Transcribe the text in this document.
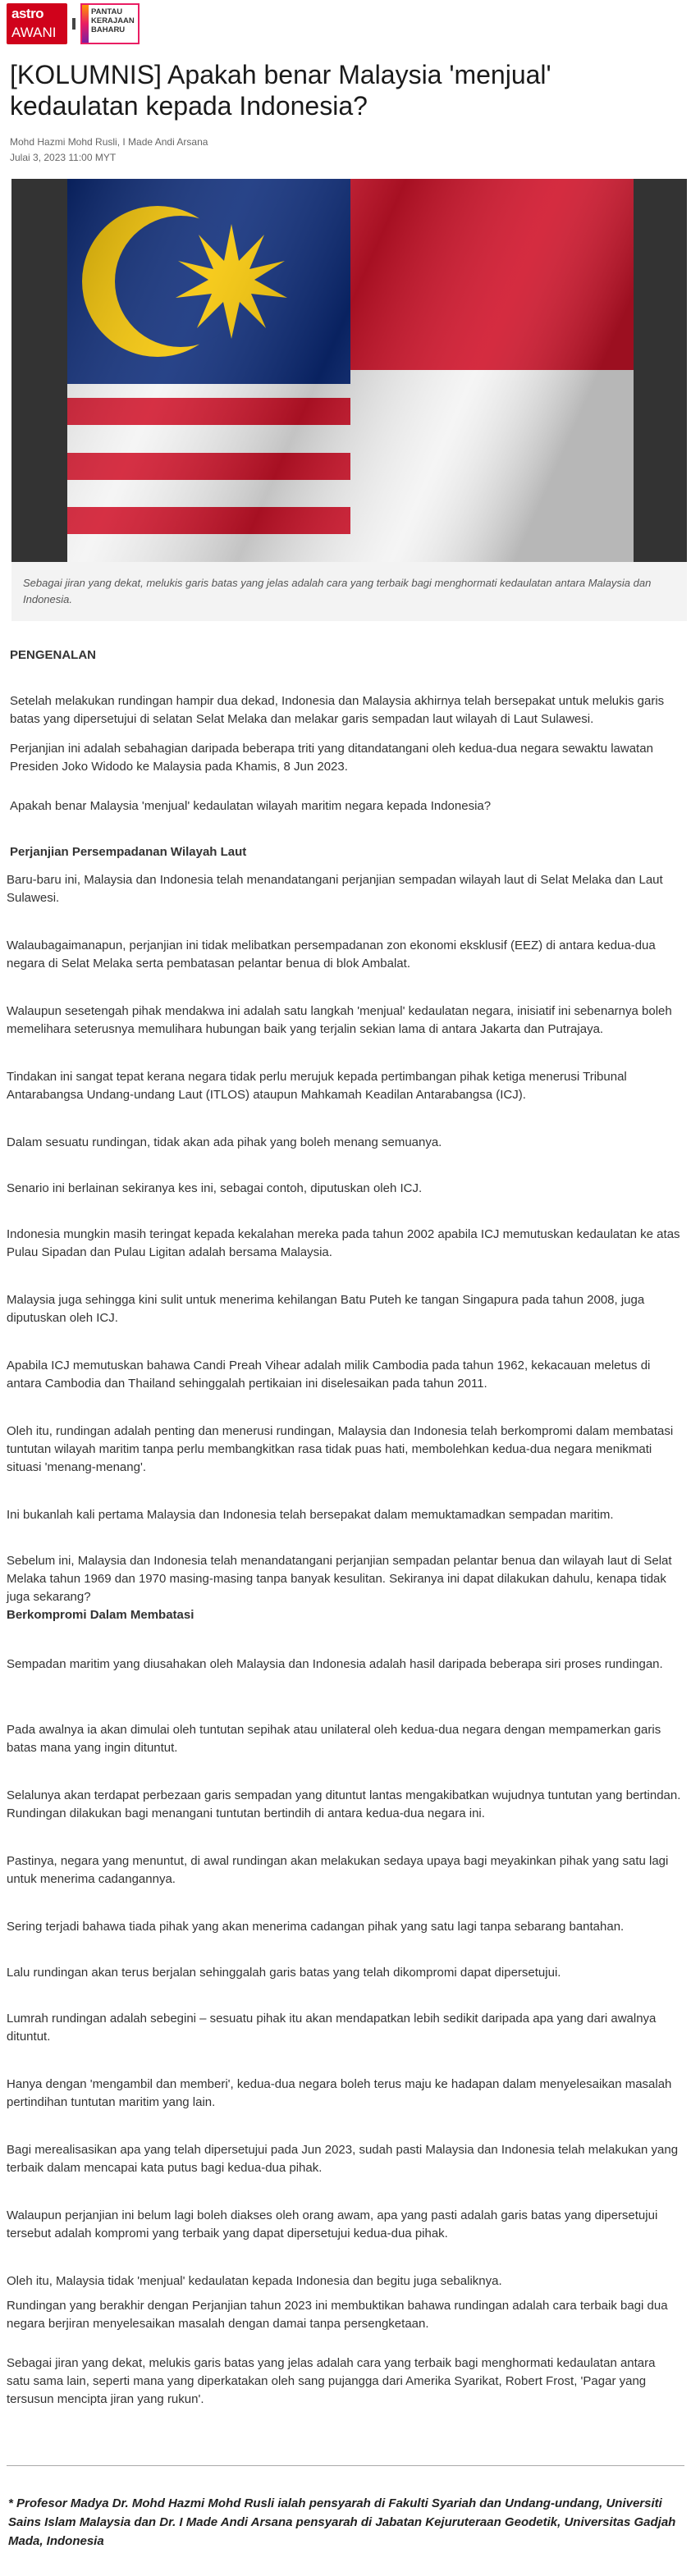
astro
AWANI
PANTAU
KERAJAAN
BAHARU
[KOLUMNIS] Apakah benar Malaysia 'menjual' kedaulatan kepada Indonesia?
Mohd Hazmi Mohd Rusli, I Made Andi Arsana
Julai 3, 2023 11:00 MYT
Sebagai jiran yang dekat, melukis garis batas yang jelas adalah cara yang terbaik bagi menghormati kedaulatan antara Malaysia dan Indonesia.
PENGENALAN

Setelah melakukan rundingan hampir dua dekad, Indonesia dan Malaysia akhirnya telah bersepakat untuk melukis garis batas yang dipersetujui di selatan Selat Melaka dan melakar garis sempadan laut wilayah di Laut Sulawesi.

Perjanjian ini adalah sebahagian daripada beberapa triti yang ditandatangani oleh kedua-dua negara sewaktu lawatan Presiden Joko Widodo ke Malaysia pada Khamis, 8 Jun 2023.

Apakah benar Malaysia 'menjual' kedaulatan wilayah maritim negara kepada Indonesia?

Perjanjian Persempadanan Wilayah Laut

Baru-baru ini, Malaysia dan Indonesia telah menandatangani perjanjian sempadan wilayah laut di Selat Melaka dan Laut Sulawesi.

Walaubagaimanapun, perjanjian ini tidak melibatkan persempadanan zon ekonomi eksklusif (EEZ) di antara kedua-dua negara di Selat Melaka serta pembatasan pelantar benua di blok Ambalat.

Walaupun sesetengah pihak mendakwa ini adalah satu langkah 'menjual' kedaulatan negara, inisiatif ini sebenarnya boleh memelihara seterusnya memulihara hubungan baik yang terjalin sekian lama di antara Jakarta dan Putrajaya.

Tindakan ini sangat tepat kerana negara tidak perlu merujuk kepada pertimbangan pihak ketiga menerusi Tribunal Antarabangsa Undang-undang Laut (ITLOS) ataupun Mahkamah Keadilan Antarabangsa (ICJ).

Dalam sesuatu rundingan, tidak akan ada pihak yang boleh menang semuanya.

Senario ini berlainan sekiranya kes ini, sebagai contoh, diputuskan oleh ICJ.

Indonesia mungkin masih teringat kepada kekalahan mereka pada tahun 2002 apabila ICJ memutuskan kedaulatan ke atas Pulau Sipadan dan Pulau Ligitan adalah bersama Malaysia.

Malaysia juga sehingga kini sulit untuk menerima kehilangan Batu Puteh ke tangan Singapura pada tahun 2008, juga diputuskan oleh ICJ.

Apabila ICJ memutuskan bahawa Candi Preah Vihear adalah milik Cambodia pada tahun 1962, kekacauan meletus di antara Cambodia dan Thailand sehinggalah pertikaian ini diselesaikan pada tahun 2011.

Oleh itu, rundingan adalah penting dan menerusi rundingan, Malaysia dan Indonesia telah berkompromi dalam membatasi tuntutan wilayah maritim tanpa perlu membangkitkan rasa tidak puas hati, membolehkan kedua-dua negara menikmati situasi 'menang-menang'.

Ini bukanlah kali pertama Malaysia dan Indonesia telah bersepakat dalam memuktamadkan sempadan maritim.

Sebelum ini, Malaysia dan Indonesia telah menandatangani perjanjian sempadan pelantar benua dan wilayah laut di Selat Melaka tahun 1969 dan 1970 masing-masing tanpa banyak kesulitan. Sekiranya ini dapat dilakukan dahulu, kenapa tidak juga sekarang?

Berkompromi Dalam Membatasi

Sempadan maritim yang diusahakan oleh Malaysia dan Indonesia adalah hasil daripada beberapa siri proses rundingan.

Pada awalnya ia akan dimulai oleh tuntutan sepihak atau unilateral oleh kedua-dua negara dengan mempamerkan garis batas mana yang ingin dituntut.

Selalunya akan terdapat perbezaan garis sempadan yang dituntut lantas mengakibatkan wujudnya tuntutan yang bertindan. Rundingan dilakukan bagi menangani tuntutan bertindih di antara kedua-dua negara ini.

Pastinya, negara yang menuntut, di awal rundingan akan melakukan sedaya upaya bagi meyakinkan pihak yang satu lagi untuk menerima cadangannya.

Sering terjadi bahawa tiada pihak yang akan menerima cadangan pihak yang satu lagi tanpa sebarang bantahan.

Lalu rundingan akan terus berjalan sehinggalah garis batas yang telah dikompromi dapat dipersetujui.

Lumrah rundingan adalah sebegini – sesuatu pihak itu akan mendapatkan lebih sedikit daripada apa yang dari awalnya dituntut.

Hanya dengan 'mengambil dan memberi', kedua-dua negara boleh terus maju ke hadapan dalam menyelesaikan masalah pertindihan tuntutan maritim yang lain.

Bagi merealisasikan apa yang telah dipersetujui pada Jun 2023, sudah pasti Malaysia dan Indonesia telah melakukan yang terbaik dalam mencapai kata putus bagi kedua-dua pihak.

Walaupun perjanjian ini belum lagi boleh diakses oleh orang awam, apa yang pasti adalah garis batas yang dipersetujui tersebut adalah kompromi yang terbaik yang dapat dipersetujui kedua-dua pihak.

Oleh itu, Malaysia tidak 'menjual' kedaulatan kepada Indonesia dan begitu juga sebaliknya.

Rundingan yang berakhir dengan Perjanjian tahun 2023 ini membuktikan bahawa rundingan adalah cara terbaik bagi dua negara berjiran menyelesaikan masalah dengan damai tanpa persengketaan.

Sebagai jiran yang dekat, melukis garis batas yang jelas adalah cara yang terbaik bagi menghormati kedaulatan antara satu sama lain, seperti mana yang diperkatakan oleh sang pujangga dari Amerika Syarikat, Robert Frost, 'Pagar yang tersusun mencipta jiran yang rukun'.

* Profesor Madya Dr. Mohd Hazmi Mohd Rusli ialah pensyarah di Fakulti Syariah dan Undang-undang, Universiti Sains Islam Malaysia dan Dr. I Made Andi Arsana pensyarah di Jabatan Kejuruteraan Geodetik, Universitas Gadjah Mada, Indonesia
